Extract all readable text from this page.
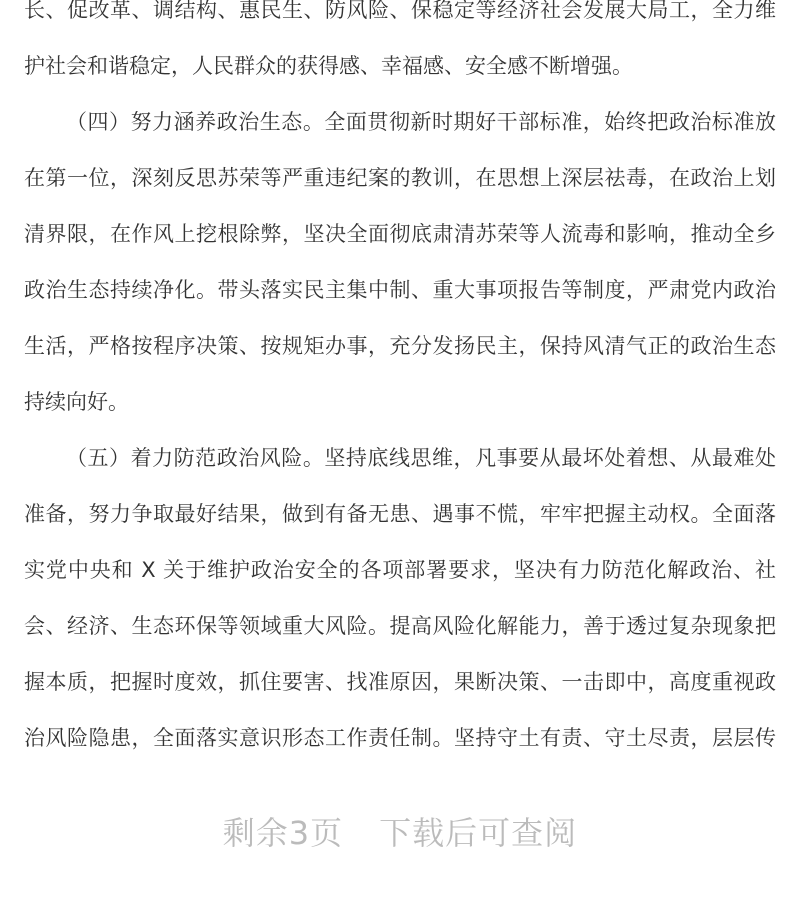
长、促改革、调结构、惠民生、防风险、保稳定等经济社会发展大局工，全力维
护社会和谐稳定，人民群众的获得感、幸福感、安全感不断增强。
（四）努力涵养政治生态。全面贯彻新时期好干部标准，始终把政治标准放
在第一位，深刻反思苏荣等严重违纪案的教训，在思想上深层祛毒，在政治上划
清界限，在作风上挖根除弊，坚决全面彻底肃清苏荣等人流毒和影响，推动全乡
政治生态持续净化。带头落实民主集中制、重大事项报告等制度，严肃党内政治
生活，严格按程序决策、按规矩办事，充分发扬民主，保持风清气正的政治生态
持续向好。
（五）着力防范政治风险。坚持底线思维，凡事要从最坏处着想、从最难处
准备，努力争取最好结果，做到有备无患、遇事不慌，牢牢把握主动权。全面落
实党中央和 X 关于维护政治安全的各项部署要求，坚决有力防范化解政治、社
会、经济、生态环保等领域重大风险。提高风险化解能力，善于透过复杂现象把
握本质，把握时度效，抓住要害、找准原因，果断决策、一击即中，高度重视政
治风险隐患，全面落实意识形态工作责任制。坚持守土有责、守土尽责，层层传
剩余3页 下载后可查阅
